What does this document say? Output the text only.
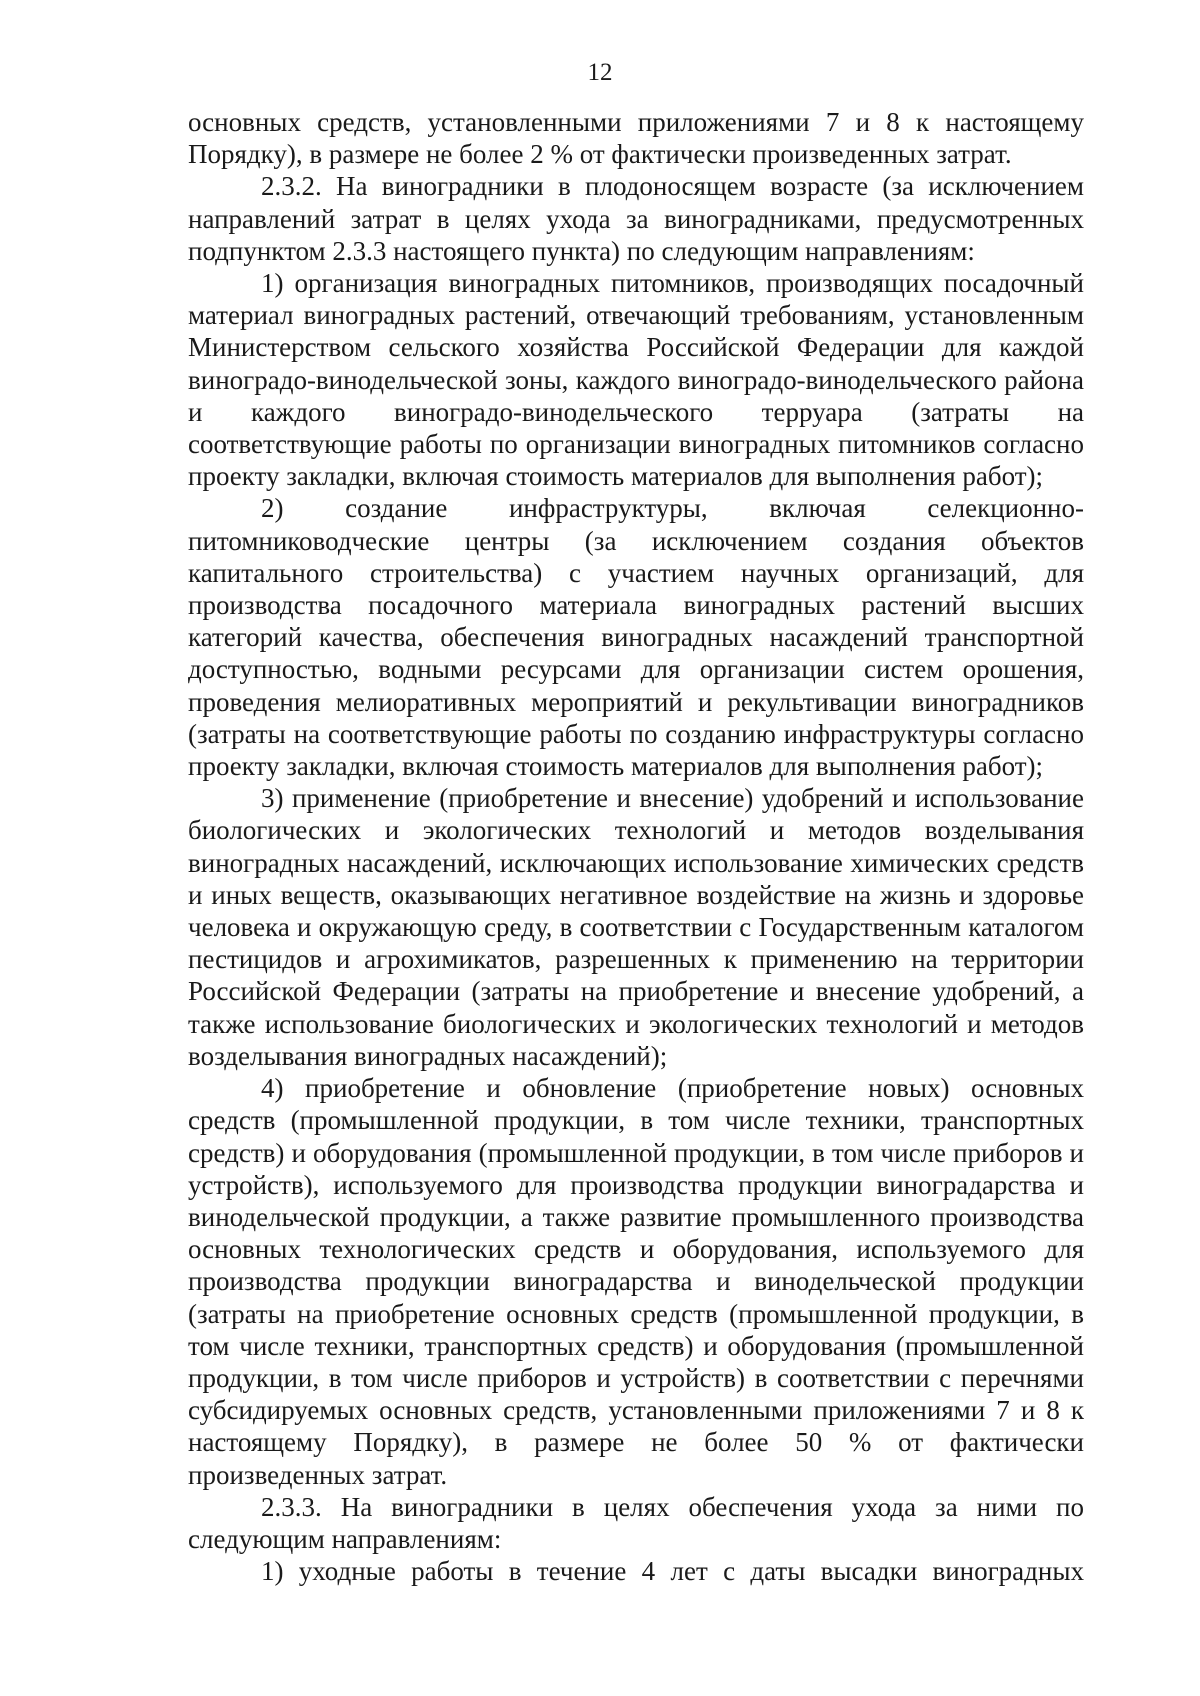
12

основных средств, установленными приложениями 7 и 8 к настоящему Порядку), в размере не более 2 % от фактически произведенных затрат.

2.3.2. На виноградники в плодоносящем возрасте (за исключением направлений затрат в целях ухода за виноградниками, предусмотренных подпунктом 2.3.3 настоящего пункта) по следующим направлениям:

1) организация виноградных питомников, производящих посадочный материал виноградных растений, отвечающий требованиям, установленным Министерством сельского хозяйства Российской Федерации для каждой виноградо-винодельческой зоны, каждого виноградо-винодельческого района и каждого виноградо-винодельческого терруара (затраты на соответствующие работы по организации виноградных питомников согласно проекту закладки, включая стоимость материалов для выполнения работ);

2) создание инфраструктуры, включая селекционно-питомниководческие центры (за исключением создания объектов капитального строительства) с участием научных организаций, для производства посадочного материала виноградных растений высших категорий качества, обеспечения виноградных насаждений транспортной доступностью, водными ресурсами для организации систем орошения, проведения мелиоративных мероприятий и рекультивации виноградников (затраты на соответствующие работы по созданию инфраструктуры согласно проекту закладки, включая стоимость материалов для выполнения работ);

3) применение (приобретение и внесение) удобрений и использование биологических и экологических технологий и методов возделывания виноградных насаждений, исключающих использование химических средств и иных веществ, оказывающих негативное воздействие на жизнь и здоровье человека и окружающую среду, в соответствии с Государственным каталогом пестицидов и агрохимикатов, разрешенных к применению на территории Российской Федерации (затраты на приобретение и внесение удобрений, а также использование биологических и экологических технологий и методов возделывания виноградных насаждений);

4) приобретение и обновление (приобретение новых) основных средств (промышленной продукции, в том числе техники, транспортных средств) и оборудования (промышленной продукции, в том числе приборов и устройств), используемого для производства продукции виноградарства и винодельческой продукции, а также развитие промышленного производства основных технологических средств и оборудования, используемого для производства продукции виноградарства и винодельческой продукции (затраты на приобретение основных средств (промышленной продукции, в том числе техники, транспортных средств) и оборудования (промышленной продукции, в том числе приборов и устройств) в соответствии с перечнями субсидируемых основных средств, установленными приложениями 7 и 8 к настоящему Порядку), в размере не более 50 % от фактически произведенных затрат.

2.3.3. На виноградники в целях обеспечения ухода за ними по следующим направлениям:

1) уходные работы в течение 4 лет с даты высадки виноградных
